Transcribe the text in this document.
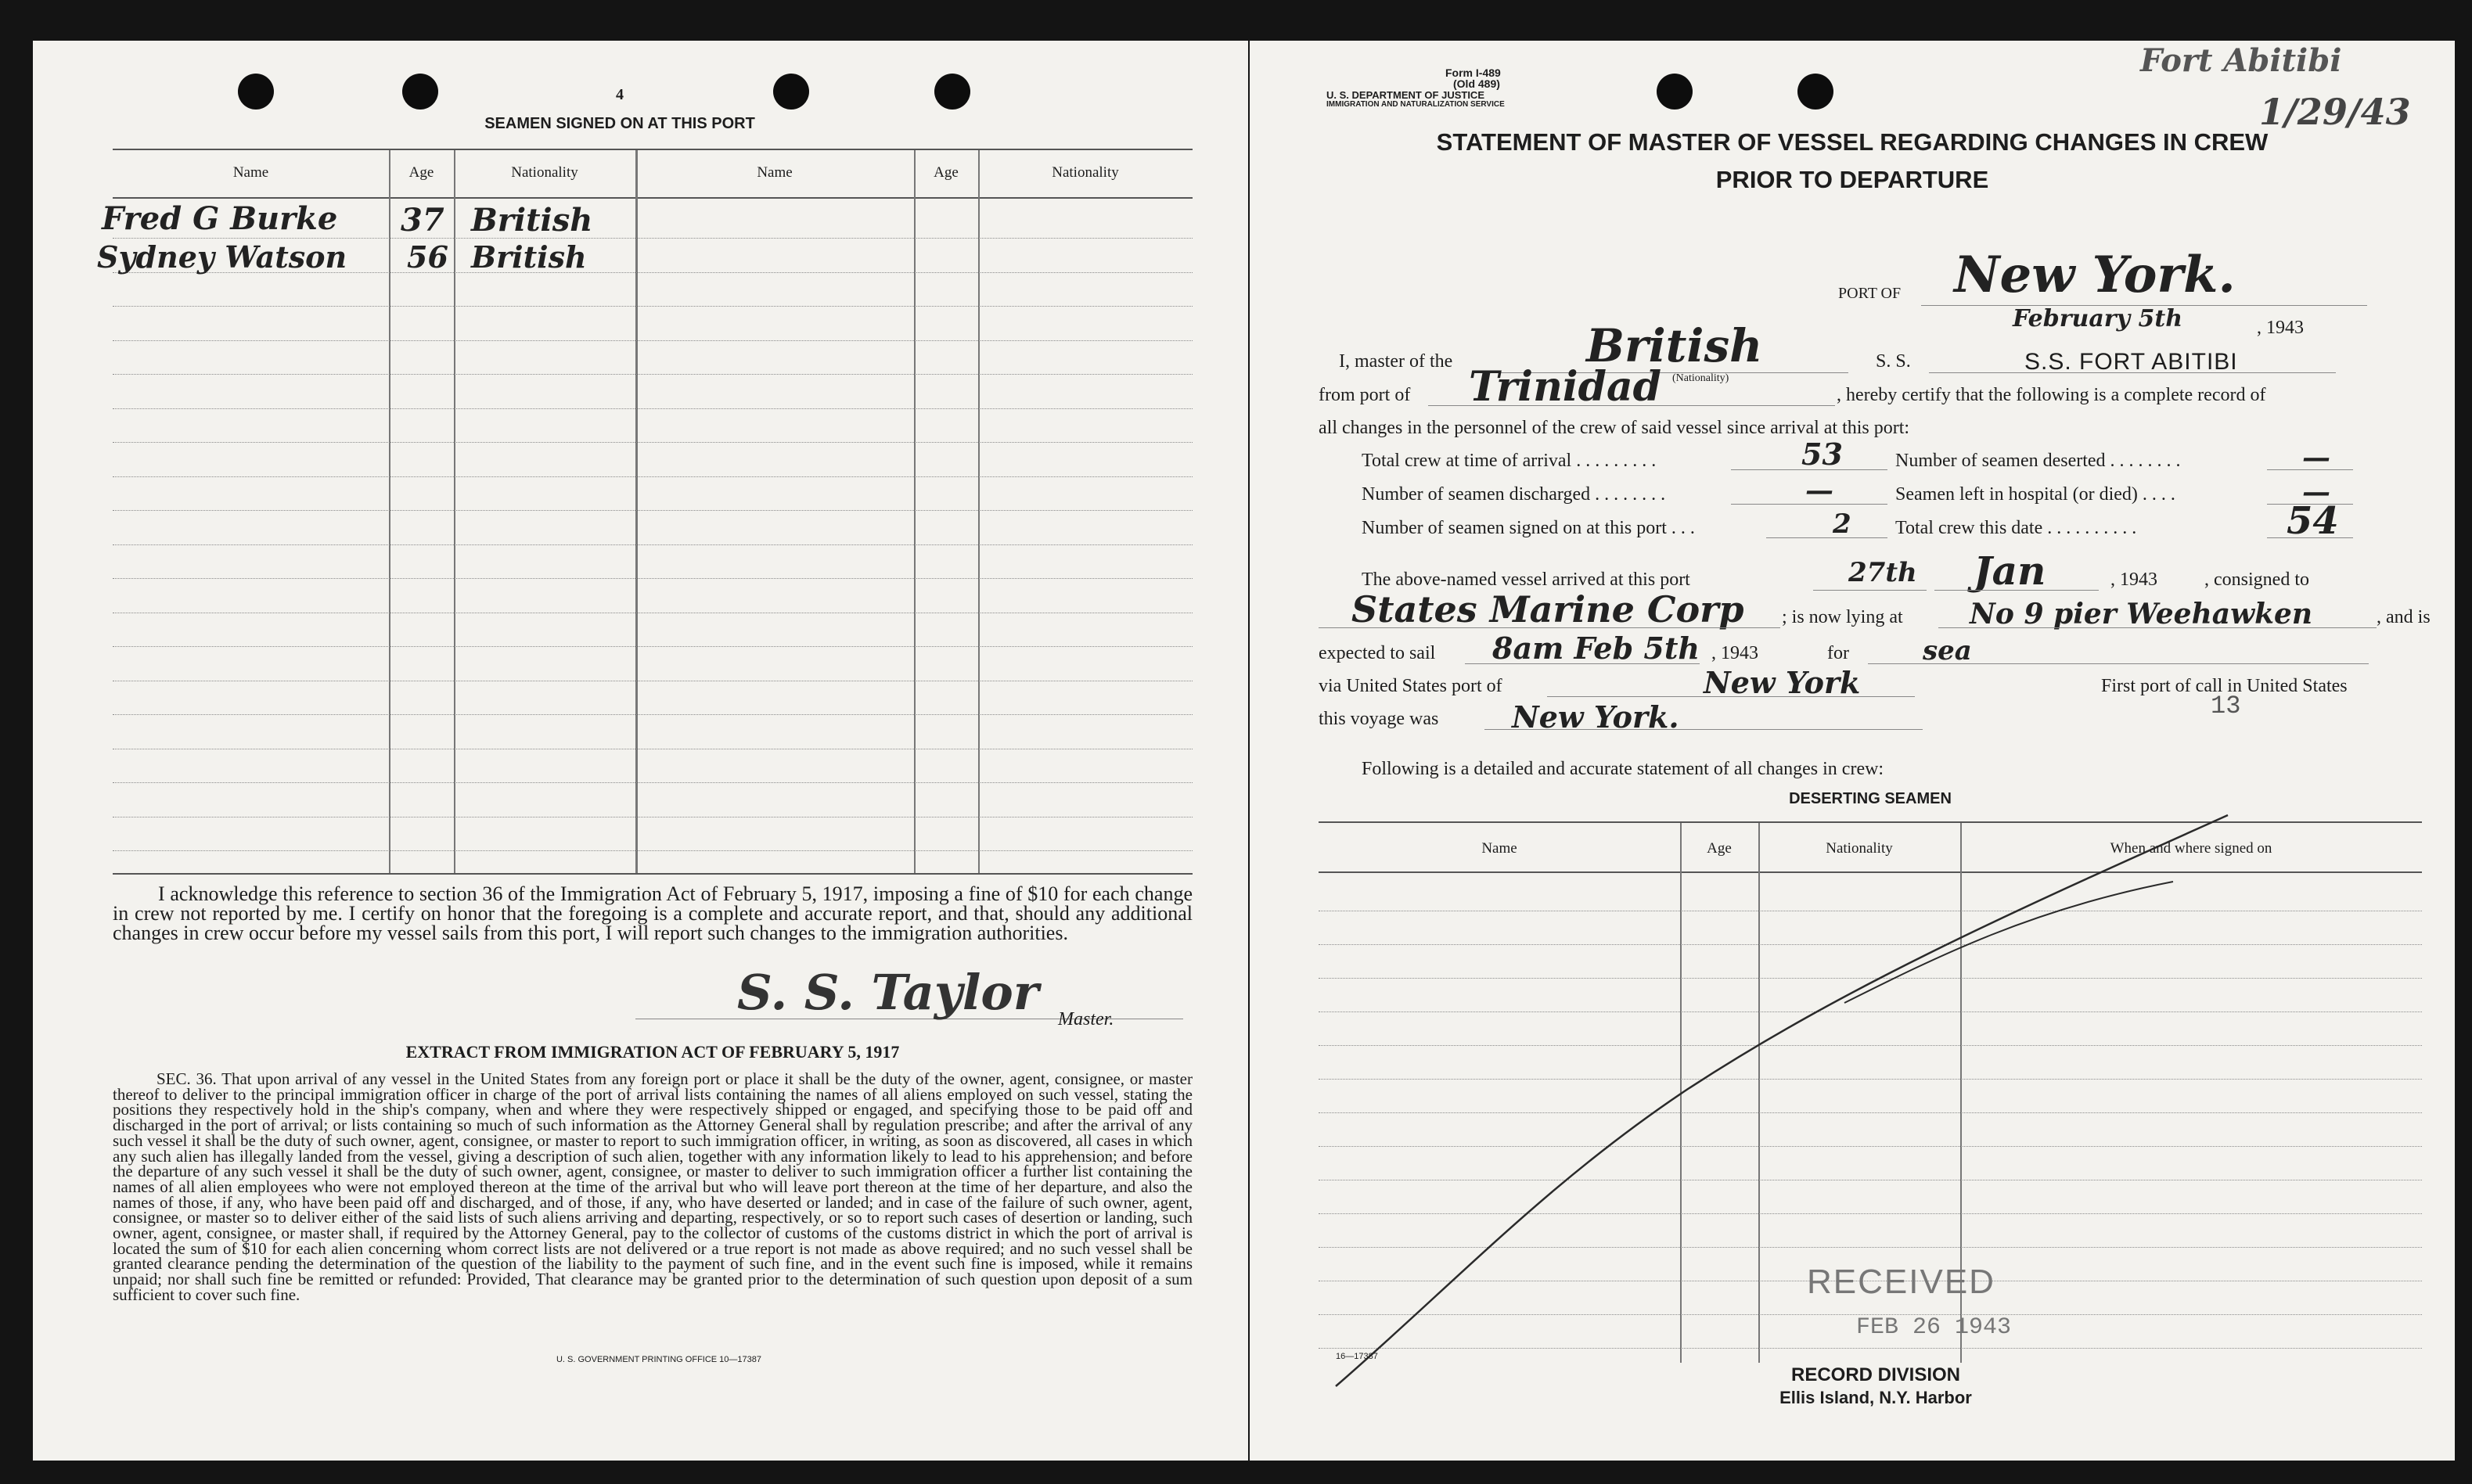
4
SEAMEN SIGNED ON AT THIS PORT
Name	Age	Nationality	Name	Age	Nationality
Fred G Burke 37 British
Sydney Watson 56 British
I acknowledge this reference to section 36 of the Immigration Act of February 5, 1917, imposing a fine of $10 for each change in crew not reported by me. I certify on honor that the foregoing is a complete and accurate report, and that, should any additional changes in crew occur before my vessel sails from this port, I will report such changes to the immigration authorities.
S. S. Taylor Master.
EXTRACT FROM IMMIGRATION ACT OF FEBRUARY 5, 1917
SEC. 36. That upon arrival of any vessel in the United States from any foreign port or place it shall be the duty of the owner, agent, consignee, or master thereof to deliver to the principal immigration officer in charge of the port of arrival lists containing the names of all aliens employed on such vessel, stating the positions they respectively hold in the ship's company, when and where they were respectively shipped or engaged, and specifying those to be paid off and discharged in the port of arrival; or lists containing so much of such information as the Attorney General shall by regulation prescribe; and after the arrival of any such vessel it shall be the duty of such owner, agent, consignee, or master to report to such immigration officer, in writing, as soon as discovered, all cases in which any such alien has illegally landed from the vessel, giving a description of such alien, together with any information likely to lead to his apprehension; and before the departure of any such vessel it shall be the duty of such owner, agent, consignee, or master to deliver to such immigration officer a further list containing the names of all alien employees who were not employed thereon at the time of the arrival but who will leave port thereon at the time of her departure, and also the names of those, if any, who have been paid off and discharged, and of those, if any, who have deserted or landed; and in case of the failure of such owner, agent, consignee, or master so to deliver either of the said lists of such aliens arriving and departing, respectively, or so to report such cases of desertion or landing, such owner, agent, consignee, or master shall, if required by the Attorney General, pay to the collector of customs of the customs district in which the port of arrival is located the sum of $10 for each alien concerning whom correct lists are not delivered or a true report is not made as above required; and no such vessel shall be granted clearance pending the determination of the question of the liability to the payment of such fine, and in the event such fine is imposed, while it remains unpaid; nor shall such fine be remitted or refunded: Provided, That clearance may be granted prior to the determination of such question upon deposit of a sum sufficient to cover such fine.
U. S. GOVERNMENT PRINTING OFFICE 10—17387
Form I-489
(Old 489)
U. S. DEPARTMENT OF JUSTICE
IMMIGRATION AND NATURALIZATION SERVICE
Fort Abitibi
1/29/43
STATEMENT OF MASTER OF VESSEL REGARDING CHANGES IN CREW
PRIOR TO DEPARTURE
PORT OF New York.
February 5th	, 1943
I, master of the	British
(Nationality)
S. S.	S.S. FORT ABITIBI
from port of Trinidad	, hereby certify that the following is a complete record of
all changes in the personnel of the crew of said vessel since arrival at this port:
Total crew at time of arrival . . . . . . . . .	53
Number of seamen discharged . . . . . . . .	—
Number of seamen signed on at this port . . .	2
Number of seamen deserted . . . . . . . .	—
Seamen left in hospital (or died) . . . .	—
Total crew this date . . . . . . . . . .	54
The above-named vessel arrived at this port	27th Jan	, 1943	, consigned to
States Marine Corp ; is now lying at No 9 pier Weehawken	, and is
expected to sail 8am Feb 5th , 1943	for	sea
via United States port of	New York	First port of call in United States
this voyage was New York.	13
Following is a detailed and accurate statement of all changes in crew:
DESERTING SEAMEN
Name	Age	Nationality	When and where signed on
RECEIVED
FEB 26 1943
16—17387
RECORD DIVISION
Ellis Island, N.Y. Harbor
